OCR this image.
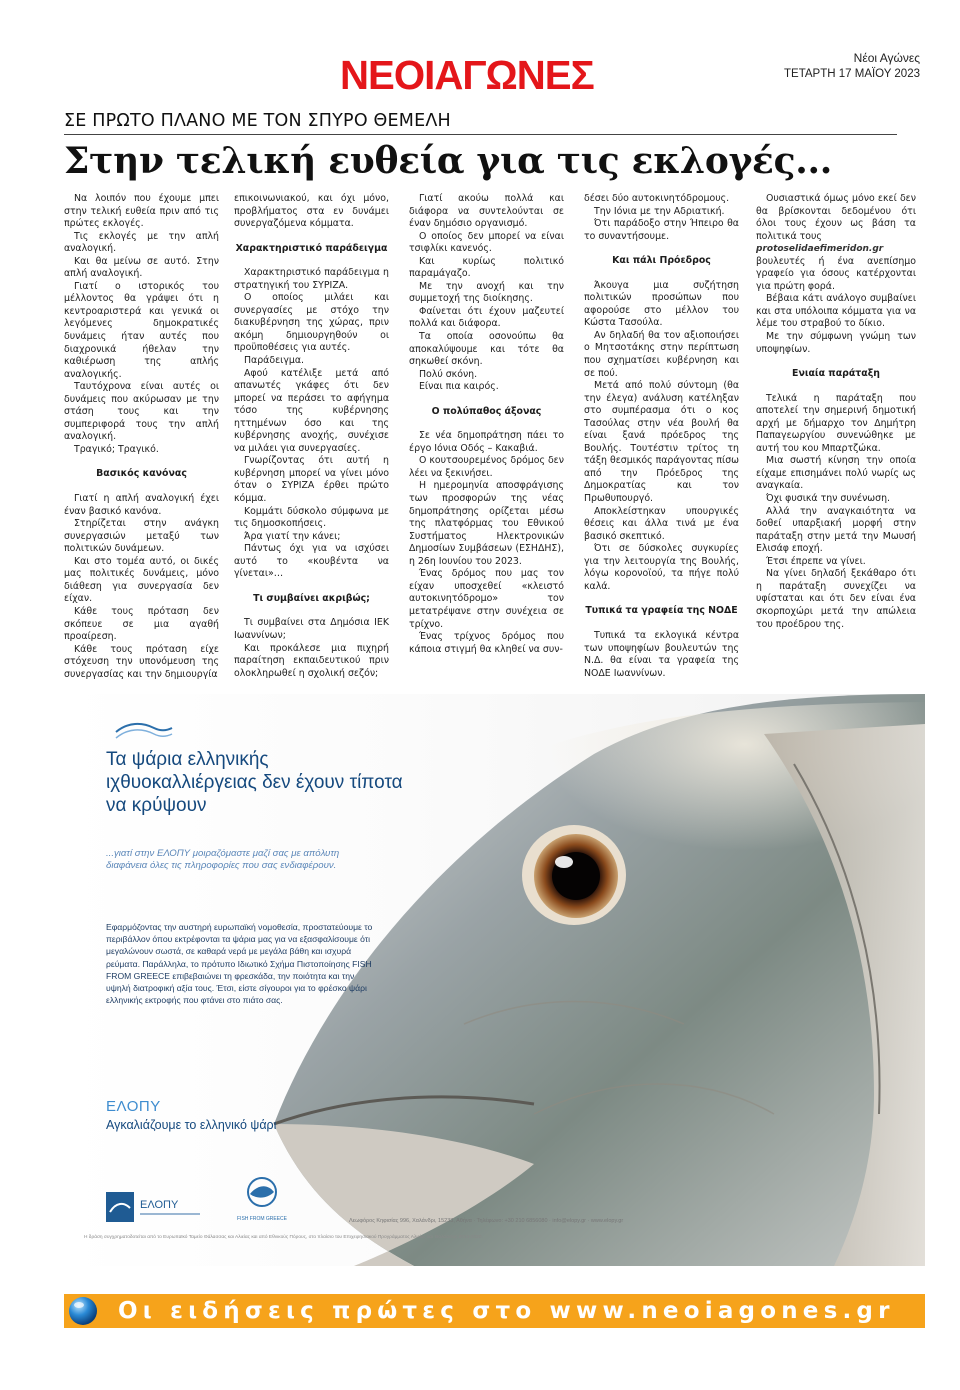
ΝΕΟΙΑΓΩΝΕΣ	Νέοι Αγώνες
ΤΕΤΑΡΤΗ 17 ΜΑΪΟΥ 2023
ΣΕ ΠΡΩΤΟ ΠΛΑΝΟ ΜΕ ΤΟΝ ΣΠΥΡΟ ΘΕΜΕΛΗ
Στην τελική ευθεία για τις εκλογές...

Να λοιπόν που έχουμε μπει στην τελική ευθεία πριν από τις πρώτες εκλογές.

Τις εκλογές με την απλή αναλογική.

Και θα μείνω σε αυτό. Στην απλή αναλογική.

Γιατί ο ιστορικός του μέλλοντος θα γράψει ότι η κεντροαριστερά και γενικά οι λεγόμενες δημοκρατικές δυνάμεις ήταν αυτές που διαχρονικά ήθελαν την καθιέρωση της απλής αναλογικής.

Ταυτόχρονα είναι αυτές οι δυνάμεις που ακύρωσαν με την στάση τους και την συμπεριφορά τους την απλή αναλογική.

Τραγικό; Τραγικό.

Βασικός κανόνας

Γιατί η απλή αναλογική έχει έναν βασικό κανόνα.

Στηρίζεται στην ανάγκη συνεργασιών μεταξύ των πολιτικών δυνάμεων.

Και στο τομέα αυτό, οι δικές μας πολιτικές δυνάμεις, μόνο διάθεση για συνεργασία δεν είχαν.

Κάθε τους πρόταση δεν σκόπευε σε μια αγαθή προαίρεση.

Κάθε τους πρόταση είχε στόχευση την υπονόμευση της συνεργασίας και την δημιουργία

επικοινωνιακού, και όχι μόνο, προβλήματος στα εν δυνάμει συνεργαζόμενα κόμματα.

Χαρακτηριστικό παράδειγμα

Χαρακτηριστικό παράδειγμα η στρατηγική του ΣΥΡΙΖΑ.

Ο οποίος μιλάει και συνεργασίες με στόχο την διακυβέρνηση της χώρας, πριν ακόμη δημιουργηθούν οι προϋποθέσεις για αυτές.

Παράδειγμα.

Αφού κατέλιξε μετά από απανωτές γκάφες ότι δεν μπορεί να περάσει το αφήγημα τόσο της κυβέρνησης ηττημένων όσο και της κυβέρνησης ανοχής, συνέχισε να μιλάει για συνεργασίες.

Γνωρίζοντας ότι αυτή η κυβέρνηση μπορεί να γίνει μόνο όταν ο ΣΥΡΙΖΑ έρθει πρώτο κόμμα.

Κομμάτι δύσκολο σύμφωνα με τις δημοσκοπήσεις.

Άρα γιατί την κάνει;

Πάντως όχι για να ισχύσει αυτό το «κουβέντα να γίνεται»…

Τι συμβαίνει ακριβώς;

Τι συμβαίνει στα Δημόσια ΙΕΚ Ιωαννίνων;

Και προκάλεσε μια πιχηρή παραίτηση εκπαιδευτικού πριν ολοκληρωθεί η σχολική σεζόν;

Γιατί ακούω πολλά και διάφορα να συντελούνται σε έναν δημόσιο οργανισμό.

Ο οποίος δεν μπορεί να είναι τσιφλίκι κανενός.

Και κυρίως πολιτικό παραμάγαζο.

Με την ανοχή και την συμμετοχή της διοίκησης.

Φαίνεται ότι έχουν μαζευτεί πολλά και διάφορα.

Τα οποία οσονούπω θα αποκαλύψουμε και τότε θα σηκωθεί σκόνη.

Πολύ σκόνη.

Είναι πια καιρός.

Ο πολύπαθος άξονας

Σε νέα δημοπράτηση πάει το έργο Ιόνια Οδός – Κακαβιά.

Ο κουτσουρεμένος δρόμος δεν λέει να ξεκινήσει.

Η ημερομηνία αποσφράγισης των προσφορών της νέας δημοπράτησης ορίζεται μέσω της πλατφόρμας του Εθνικού Συστήματος Ηλεκτρονικών Δημοσίων Συμβάσεων (ΕΣΗΔΗΣ), η 26η Ιουνίου του 2023.

Ένας δρόμος που μας τον είχαν υποσχεθεί «κλειστό αυτοκινητόδρομο» τον μετατρέψανε στην συνέχεια σε τρίχνο.

Ένας τρίχνος δρόμος που κάποια στιγμή θα κληθεί να συν-

δέσει δύο αυτοκινητόδρομους.

Την Ιόνια με την Αδριατική.

Ότι παράδοξο στην Ήπειρο θα το συναντήσουμε.

Και πάλι Πρόεδρος

Άκουγα μια συζήτηση πολιτικών προσώπων που αφορούσε στο μέλλον του Κώστα Τασούλα.

Αν δηλαδή θα τον αξιοποιήσει ο Μητσοτάκης στην περίπτωση που σχηματίσει κυβέρνηση και σε πού.

Μετά από πολύ σύντομη (θα την έλεγα) ανάλυση κατέληξαν στο συμπέρασμα ότι ο κος Τασούλας στην νέα βουλή θα είναι ξανά πρόεδρος της Βουλής. Τουτέστιν τρίτος τη τάξη θεσμικός παράγοντας πίσω από την Πρόεδρος της Δημοκρατίας και τον Πρωθυπουργό.

Αποκλείστηκαν υπουργικές θέσεις και άλλα τινά με ένα βασικό σκεπτικό.

Ότι σε δύσκολες συγκυρίες για την λειτουργία της Βουλής, λόγω κορονοϊού, τα πήγε πολύ καλά.

Τυπικά τα γραφεία της ΝΟΔΕ

Τυπικά τα εκλογικά κέντρα των υποψηφίων βουλευτών της Ν.Δ. θα είναι τα γραφεία της ΝΟΔΕ Ιωαννίνων.

Ουσιαστικά όμως μόνο εκεί δεν θα βρίσκονται δεδομένου ότι όλοι τους έχουν ως βάση τα πολιτικά τους

protoselidaefimeridon.gr

βουλευτές ή ένα ανεπίσημο γραφείο για όσους κατέρχονται για πρώτη φορά.

Βέβαια κάτι ανάλογο συμβαίνει και στα υπόλοιπα κόμματα για να λέμε του στραβού το δίκιο.

Με την σύμφωνη γνώμη των υποψηφίων.

Ενιαία παράταξη

Τελικά η παράταξη που αποτελεί την σημερινή δημοτική αρχή με δήμαρχο τον Δημήτρη Παπαγεωργίου συνενώθηκε με αυτή του κου Μπαρτζώκα.

Μια σωστή κίνηση την οποία είχαμε επισημάνει πολύ νωρίς ως αναγκαία.

Όχι φυσικά την συνένωση.

Αλλά την αναγκαιότητα να δοθεί υπαρξιακή μορφή στην παράταξη στην μετά την Μωυσή Ελισάφ εποχή.

Έτσι έπρεπε να γίνει.

Να γίνει δηλαδή ξεκάθαρο ότι η παράταξη συνεχίζει να υφίσταται και ότι δεν είναι ένα σκορποχώρι μετά την απώλεια του προέδρου της.

Τα ψάρια ελληνικής ιχθυοκαλλιέργειας δεν έχουν τίποτα να κρύψουν
...γιατί στην ΕΛΟΠΥ μοιραζόμαστε μαζί σας με απόλυτη διαφάνεια όλες τις πληροφορίες που σας ενδιαφέρουν.
Εφαρμόζοντας την αυστηρή ευρωπαϊκή νομοθεσία, προστατεύουμε το περιβάλλον όπου εκτρέφονται τα ψάρια μας για να εξασφαλίσουμε ότι μεγαλώνουν σωστά, σε καθαρά νερά με μεγάλα βάθη και ισχυρά ρεύματα. Παράλληλα, το πρότυπο Ιδιωτικό Σχήμα Πιστοποίησης FISH FROM GREECE επιβεβαιώνει τη φρεσκάδα, την ποιότητα και την υψηλή διατροφική αξία τους. Έτσι, είστε σίγουροι για το φρέσκο ψάρι ελληνικής εκτροφής που φτάνει στο πιάτο σας.
ΕΛΟΠΥ
Αγκαλιάζουμε το ελληνικό ψάρι
ΕΛΟΠΥ
FISH FROM GREECE	Λεωφόρος Κηφισίας 996, Χαλάνδρι, 15233, Αθήνα · Τηλέφωνο: +30 210 6856080 · info@elopy.gr · www.elopy.gr
Η δράση συγχρηματοδοτείται από το Ευρωπαϊκό Ταμείο Θάλασσας και Αλιείας και από Εθνικούς Πόρους, στο πλαίσιο του Επιχειρησιακού Προγράμματος Αλιείας και Θάλασσας 2014-2020.
Οι ειδήσεις πρώτες στο www.neoiagones.gr
